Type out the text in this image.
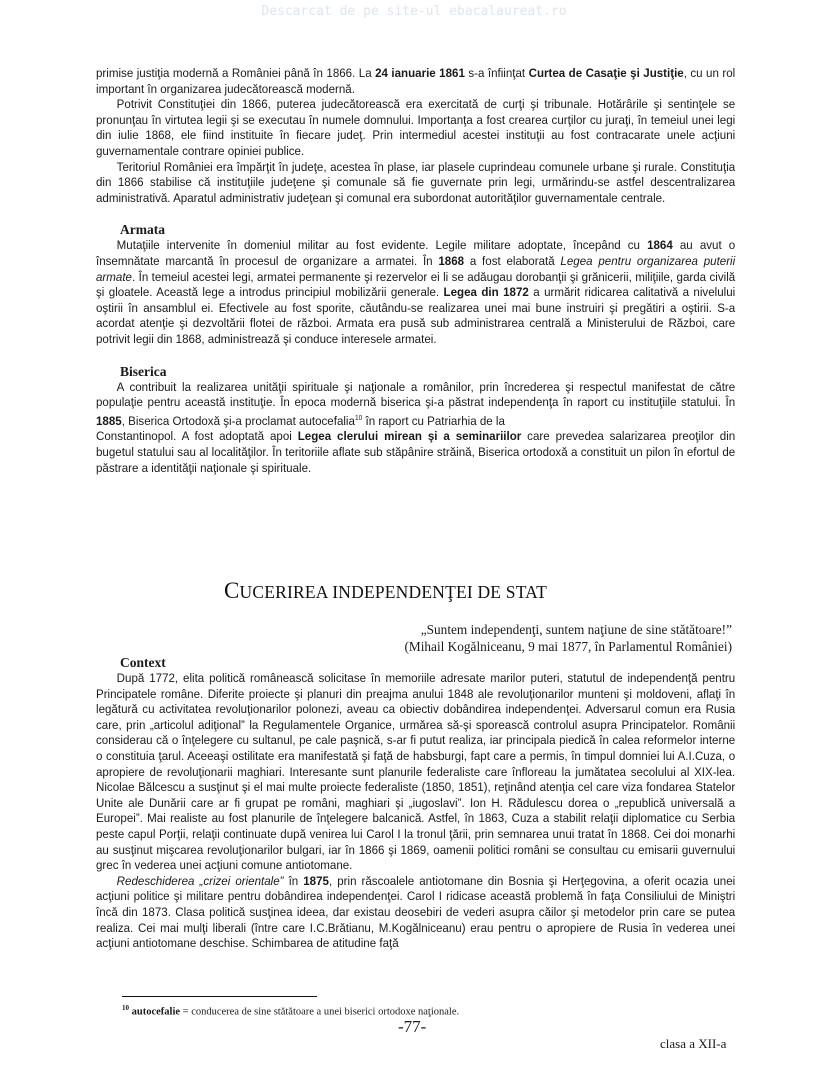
Descarcat de pe site-ul ebacalaureat.ro

primise justiţia modernă a României până în 1866. La 24 ianuarie 1861 s-a înfiinţat Curtea de Casaţie şi Justiţie, cu un rol important în organizarea judecătorească modernă.

Potrivit Constituţiei din 1866, puterea judecătorească era exercitată de curţi şi tribunale. Hotărârile şi sentinţele se pronunţau în virtutea legii şi se executau în numele domnului. Importanţa a fost crearea curţilor cu juraţi, în temeiul unei legi din iulie 1868, ele fiind instituite în fiecare judeţ. Prin intermediul acestei instituţii au fost contracarate unele acţiuni guvernamentale contrare opiniei publice.

Teritoriul României era împărţit în judeţe, acestea în plase, iar plasele cuprindeau comunele urbane şi rurale. Constituţia din 1866 stabilise că instituţiile judeţene şi comunale să fie guvernate prin legi, urmărindu-se astfel descentralizarea administrativă. Aparatul administrativ judeţean şi comunal era subordonat autorităţilor guvernamentale centrale.

Armata

Mutaţiile intervenite în domeniul militar au fost evidente. Legile militare adoptate, începând cu 1864 au avut o însemnătate marcantă în procesul de organizare a armatei. În 1868 a fost elaborată Legea pentru organizarea puterii armate. În temeiul acestei legi, armatei permanente şi rezervelor ei li se adăugau dorobanţii şi grănicerii, miliţiile, garda civilă şi gloatele. Această lege a introdus principiul mobilizării generale. Legea din 1872 a urmărit ridicarea calitativă a nivelului oştirii în ansamblul ei. Efectivele au fost sporite, căutându-se realizarea unei mai bune instruiri şi pregătiri a oştirii. S-a acordat atenţie şi dezvoltării flotei de război. Armata era pusă sub administrarea centrală a Ministerului de Război, care potrivit legii din 1868, administrează şi conduce interesele armatei.

Biserica

A contribuit la realizarea unităţii spirituale şi naţionale a românilor, prin încrederea şi respectul manifestat de către populaţie pentru această instituţie. În epoca modernă biserica şi-a păstrat independenţa în raport cu instituţiile statului. În 1885, Biserica Ortodoxă şi-a proclamat autocefalia$^{10}$ în raport cu Patriarhia de la

Constantinopol. A fost adoptată apoi Legea clerului mirean şi a seminariilor care prevedea salarizarea preoţilor din bugetul statului sau al localităţilor. În teritoriile aflate sub stăpânire străină, Biserica ortodoxă a constituit un pilon în efortul de păstrare a identităţii naţionale şi spirituale.

CUCERIREA INDEPENDENŢEI DE STAT
„Suntem independenţi, suntem naţiune de sine stătătoare!”
(Mihail Kogălniceanu, 9 mai 1877, în Parlamentul României)
Context

După 1772, elita politică românească solicitase în memoriile adresate marilor puteri, statutul de independenţă pentru Principatele române. Diferite proiecte şi planuri din preajma anului 1848 ale revoluţionarilor munteni şi moldoveni, aflaţi în legătură cu activitatea revoluţionarilor polonezi, aveau ca obiectiv dobândirea independenţei. Adversarul comun era Rusia care, prin „articolul adiţional” la Regulamentele Organice, urmărea să-şi sporească controlul asupra Principatelor. Românii considerau că o înţelegere cu sultanul, pe cale paşnică, s-ar fi putut realiza, iar principala piedică în calea reformelor interne o constituia ţarul. Aceeaşi ostilitate era manifestată şi faţă de habsburgi, fapt care a permis, în timpul domniei lui A.I.Cuza, o apropiere de revoluţionarii maghiari. Interesante sunt planurile federaliste care înfloreau la jumătatea secolului al XIX-lea. Nicolae Bălcescu a susţinut şi el mai multe proiecte federaliste (1850, 1851), reţinând atenţia cel care viza fondarea Statelor Unite ale Dunării care ar fi grupat pe români, maghiari şi „iugoslavi”. Ion H. Rădulescu dorea o „republică universală a Europei”. Mai realiste au fost planurile de înţelegere balcanică. Astfel, în 1863, Cuza a stabilit relaţii diplomatice cu Serbia peste capul Porţii, relaţii continuate după venirea lui Carol I la tronul ţării, prin semnarea unui tratat în 1868. Cei doi monarhi au susţinut mişcarea revoluţionarilor bulgari, iar în 1866 şi 1869, oamenii politici români se consultau cu emisarii guvernului grec în vederea unei acţiuni comune antiotomane.

Redeschiderea „crizei orientale” în 1875, prin răscoalele antiotomane din Bosnia şi Herţegovina, a oferit ocazia unei acţiuni politice şi militare pentru dobândirea independenţei. Carol I ridicase această problemă în faţa Consiliului de Miniştri încă din 1873. Clasa politică susţinea ideea, dar existau deosebiri de vederi asupra căilor şi metodelor prin care se putea realiza. Cei mai mulţi liberali (între care I.C.Brătianu, M.Kogălniceanu) erau pentru o apropiere de Rusia în vederea unei acţiuni antiotomane deschise. Schimbarea de atitudine faţă

$^{10}$ autocefalie = conducerea de sine stătătoare a unei biserici ortodoxe naţionale.
-77-
clasa a XII-a
